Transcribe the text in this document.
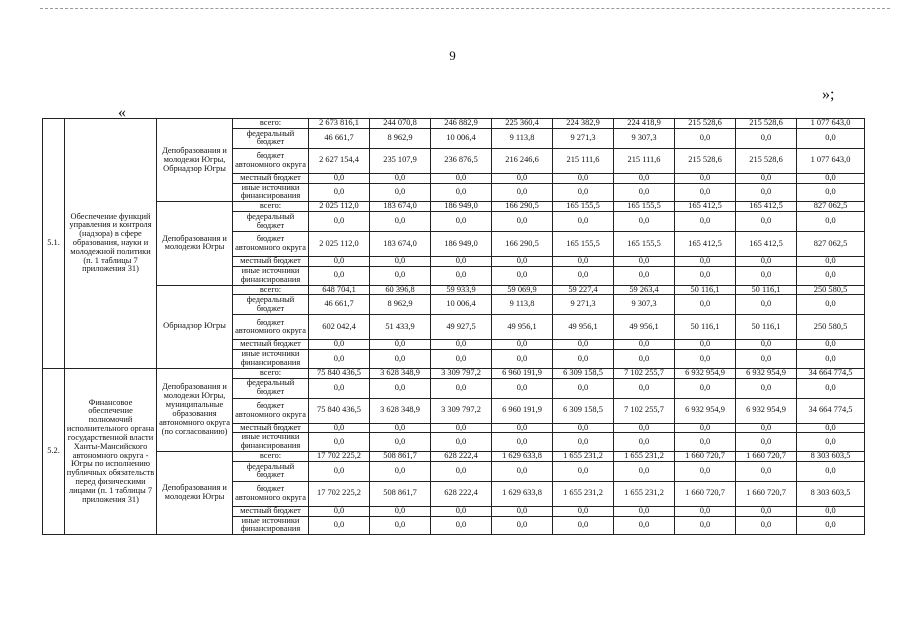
9
«
»;
5.1.	Обеспечение функций управления и контроля (надзора) в сфере образования, науки и молодежной политики (п. 1 таблицы 7 приложения 31)	Депобразования и молодежи Югры, Обрнадзор Югры	всего:	2 673 816,1	244 070,8	246 882,9	225 360,4	224 382,9	224 418,9	215 528,6	215 528,6	1 077 643,0
			федеральный бюджет	46 661,7	8 962,9	10 006,4	9 113,8	9 271,3	9 307,3	0,0	0,0	0,0
			бюджет автономного округа	2 627 154,4	235 107,9	236 876,5	216 246,6	215 111,6	215 111,6	215 528,6	215 528,6	1 077 643,0
			местный бюджет	0,0	0,0	0,0	0,0	0,0	0,0	0,0	0,0	0,0
			иные источники финансирования	0,0	0,0	0,0	0,0	0,0	0,0	0,0	0,0	0,0
		Депобразования и молодежи Югры	всего:	2 025 112,0	183 674,0	186 949,0	166 290,5	165 155,5	165 155,5	165 412,5	165 412,5	827 062,5
			федеральный бюджет	0,0	0,0	0,0	0,0	0,0	0,0	0,0	0,0	0,0
			бюджет автономного округа	2 025 112,0	183 674,0	186 949,0	166 290,5	165 155,5	165 155,5	165 412,5	165 412,5	827 062,5
			местный бюджет	0,0	0,0	0,0	0,0	0,0	0,0	0,0	0,0	0,0
			иные источники финансирования	0,0	0,0	0,0	0,0	0,0	0,0	0,0	0,0	0,0
		Обрнадзор Югры	всего:	648 704,1	60 396,8	59 933,9	59 069,9	59 227,4	59 263,4	50 116,1	50 116,1	250 580,5
			федеральный бюджет	46 661,7	8 962,9	10 006,4	9 113,8	9 271,3	9 307,3	0,0	0,0	0,0
			бюджет автономного округа	602 042,4	51 433,9	49 927,5	49 956,1	49 956,1	49 956,1	50 116,1	50 116,1	250 580,5
			местный бюджет	0,0	0,0	0,0	0,0	0,0	0,0	0,0	0,0	0,0
			иные источники финансирования	0,0	0,0	0,0	0,0	0,0	0,0	0,0	0,0	0,0
5.2.	Финансовое обеспечение полномочий исполнительного органа государственной власти Ханты-Мансийского автономного округа - Югры по исполнению публичных обязательств перед физическими лицами (п. 1 таблицы 7 приложения 31)	Депобразования и молодежи Югры, муниципальные образования автономного округа (по согласованию)	всего:	75 840 436,5	3 628 348,9	3 309 797,2	6 960 191,9	6 309 158,5	7 102 255,7	6 932 954,9	6 932 954,9	34 664 774,5
			федеральный бюджет	0,0	0,0	0,0	0,0	0,0	0,0	0,0	0,0	0,0
			бюджет автономного округа	75 840 436,5	3 628 348,9	3 309 797,2	6 960 191,9	6 309 158,5	7 102 255,7	6 932 954,9	6 932 954,9	34 664 774,5
			местный бюджет	0,0	0,0	0,0	0,0	0,0	0,0	0,0	0,0	0,0
			иные источники финансирования	0,0	0,0	0,0	0,0	0,0	0,0	0,0	0,0	0,0
		Депобразования и молодежи Югры	всего:	17 702 225,2	508 861,7	628 222,4	1 629 633,8	1 655 231,2	1 655 231,2	1 660 720,7	1 660 720,7	8 303 603,5
			федеральный бюджет	0,0	0,0	0,0	0,0	0,0	0,0	0,0	0,0	0,0
			бюджет автономного округа	17 702 225,2	508 861,7	628 222,4	1 629 633,8	1 655 231,2	1 655 231,2	1 660 720,7	1 660 720,7	8 303 603,5
			местный бюджет	0,0	0,0	0,0	0,0	0,0	0,0	0,0	0,0	0,0
			иные источники финансирования	0,0	0,0	0,0	0,0	0,0	0,0	0,0	0,0	0,0
